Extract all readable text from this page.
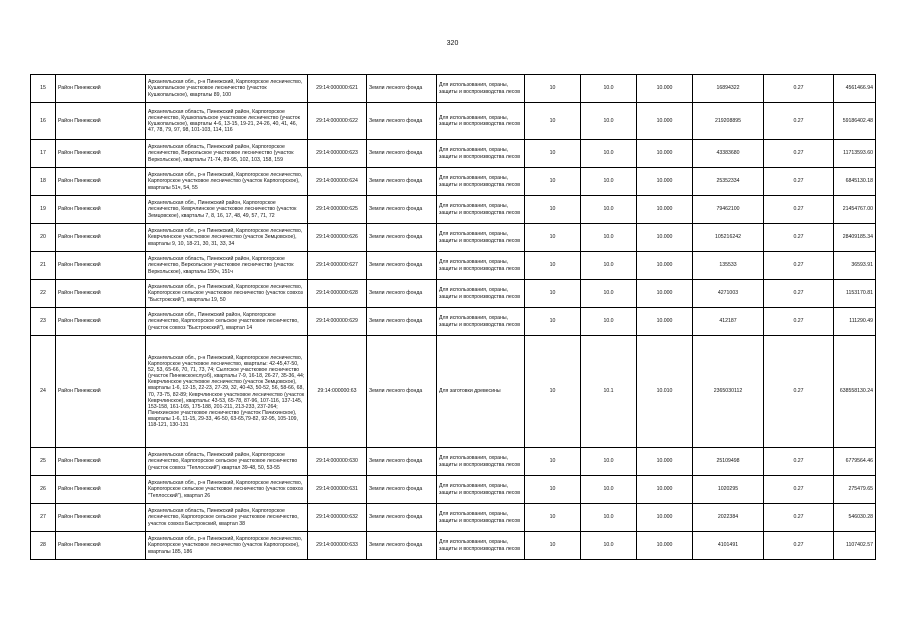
320
15	Район Пинежский	Архангельская обл., р-н Пинежский, Карпогорское лесничество, Кушкопальское участковое лесничество (участок Кушкопальское), кварталы 89, 100	29:14:000000:621	Земли лесного фонда	Для использования, охраны, защиты и воспроизводства лесов	10	10.0	10.000	16894322	0.27	4561466.94
16	Район Пинежский	Архангельская область, Пинежский район, Карпогорское лесничество, Кушкопальское участковое лесничество (участок Кушкопальское), кварталы 4-6, 13-15, 19-21, 24-26, 40, 41, 46, 47, 78, 79, 97, 98, 101-103, 114, 116	29:14:000000:622	Земли лесного фонда	Для использования, охраны, защиты и воспроизводства лесов	10	10.0	10.000	219208895	0.27	59186402.48
17	Район Пинежский	Архангельская область, Пинежский район, Карпогорское лесничество, Веркольское участковое лесничество (участок Веркольское), кварталы 71-74, 89-95, 102, 103, 158, 159	29:14:000000:623	Земли лесного фонда	Для использования, охраны, защиты и воспроизводства лесов	10	10.0	10.000	43383680	0.27	11713593.60
18	Район Пинежский	Архангельская обл., р-н Пинежский, Карпогорское лесничество, Карпогорское участковое лесничество (участок Карпогорское), кварталы 51ч, 54, 55	29:14:000000:624	Земли лесного фонда	Для использования, охраны, защиты и воспроизводства лесов	10	10.0	10.000	25352334	0.27	6845130.18
19	Район Пинежский	Архангельская обл., Пинежский район, Карпогорское лесничество, Кеврчлинское участковое лесничество (участок Земцовское), кварталы 7, 8, 16, 17, 48, 49, 57, 71, 72	29:14:000000:625	Земли лесного фонда	Для использования, охраны, защиты и воспроизводства лесов	10	10.0	10.000	79462100	0.27	21454767.00
20	Район Пинежский	Архангельская обл., р-н Пинежский, Карпогорское лесничество, Кеврчлинское участковое лесничество (участок Земцовское), кварталы 9, 10, 18-21, 30, 31, 33, 34	29:14:000000:626	Земли лесного фонда	Для использования, охраны, защиты и воспроизводства лесов	10	10.0	10.000	105216242	0.27	28409185.34
21	Район Пинежский	Архангельская область, Пинежский район, Карпогорское лесничество, Веркольское участковое лесничество (участок Веркольское), кварталы 150ч, 151ч	29:14:000000:627	Земли лесного фонда	Для использования, охраны, защиты и воспроизводства лесов	10	10.0	10.000	135533	0.27	36593.91
22	Район Пинежский	Архангельская обл., р-н Пинежский, Карпогорское лесничество, Карпогорское сельское участковое лесничество (участок совхоз "Быстрокский"), кварталы 19, 50	29:14:000000:628	Земли лесного фонда	Для использования, охраны, защиты и воспроизводства лесов	10	10.0	10.000	4271003	0.27	1153170.81
23	Район Пинежский	Архангельская обл., Пинежский район, Карпогорское лесничество, Карпогорское сельское участковое лесничество, (участок совхоз "Быстрокский"), квартал 14	29:14:000000:629	Земли лесного фонда	Для использования, охраны, защиты и воспроизводства лесов	10	10.0	10.000	412187	0.27	111290.49
24	Район Пинежский	Архангельская обл., р-н Пинежский, Карпогорское лесничество, Карпогорское участковое лесничество, кварталы: 42-45,47-50, 52, 53, 65-66, 70, 71, 73, 74; Сылгское участковое лесничество (участок Пинежскоеслуэб), кварталы 7-9, 16-18, 26-27, 35-36, 44; Кеврчлинское участковое лесничество (участок Земцовское), кварталы 1-6, 12-15, 22-23, 27-29, 32, 40-43, 50-52, 56, 58-66, 68, 70, 73-75, 82-89; Кеврчлинское участковое лесничество (участок Кеврчлинское), кварталы: 43-53, 65-78, 87-96, 107-116, 137-145, 153-158, 161-165, 175-188, 201-211, 213-233, 237-264; Пачихинское участковое лесничество (участок Пачихинское), кварталы 1-6, 11-15, 29-33, 46-50, 63-65,79-82, 92-95, 105-109, 118-121, 130-131	29:14:000000:63	Земли лесного фонда	Для заготовки древесины	10	10.1	10.010	2365030112	0.27	638558130.24
25	Район Пинежский	Архангельская область, Пинежский район, Карпогорское лесничество, Карпогорское сельское участковое лесничество (участок совхоз "Теплосский") квартал 39-48, 50, 53-55	29:14:000000:630	Земли лесного фонда	Для использования, охраны, защиты и воспроизводства лесов	10	10.0	10.000	25109498	0.27	6779564.46
26	Район Пинежский	Архангельская обл., р-н Пинежский, Карпогорское лесничество, Карпогорское сельское участковое лесничество (участок совхоз "Теплосский"), квартал 26	29:14:000000:631	Земли лесного фонда	Для использования, охраны, защиты и воспроизводства лесов	10	10.0	10.000	1020295	0.27	275479.65
27	Район Пинежский	Архангельская область, Пинежский район, Карпогорское лесничество, Карпогорское сельское участковое лесничество, участок совхоз Быстрокский, квартал 38	29:14:000000:632	Земли лесного фонда	Для использования, охраны, защиты и воспроизводства лесов	10	10.0	10.000	2022384	0.27	546030.28
28	Район Пинежский	Архангельская обл., р-н Пинежский, Карпогорское лесничество, Карпогорское участковое лесничество (участок Карпогорское), кварталы 185, 186	29:14:000000:633	Земли лесного фонда	Для использования, охраны, защиты и воспроизводства лесов	10	10.0	10.000	4101491	0.27	1107402.57
